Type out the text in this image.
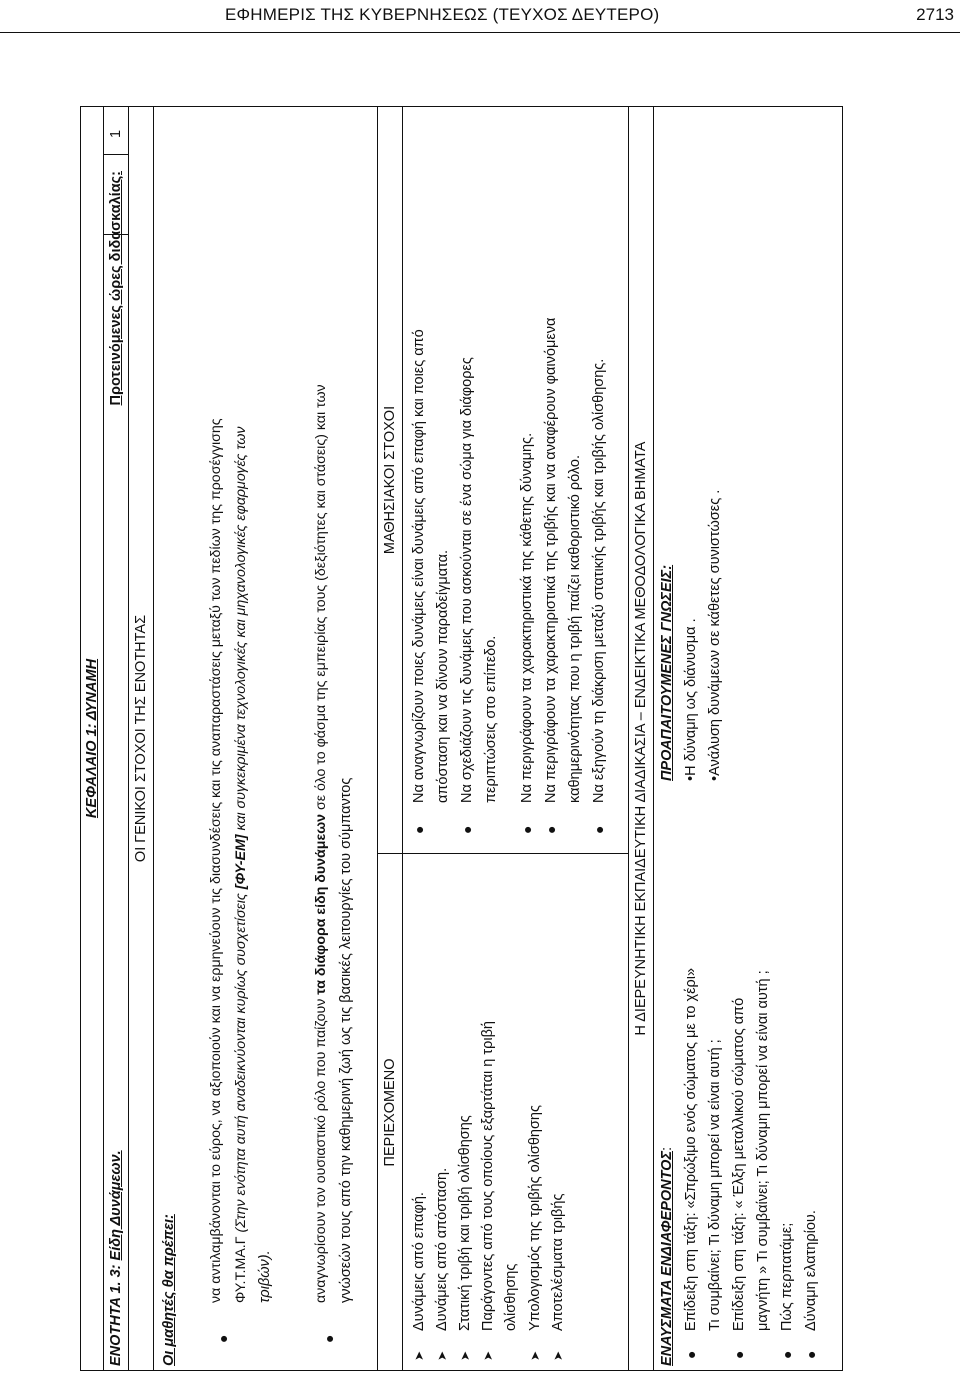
ΕΦΗΜΕΡΙΣ ΤΗΣ ΚΥΒΕΡΝΗΣΕΩΣ (ΤΕΥΧΟΣ ΔΕΥΤΕΡΟ)	2713
ΚΕΦΑΛΑΙΟ 1: ΔΥΝΑΜΗ
ΕΝΟΤΗΤΑ 1. 3: Είδη Δυνάμεων.
Προτεινόμενες ώρες διδασκαλίας:
1
ΟΙ ΓΕΝΙΚΟΙ ΣΤΟΧΟΙ ΤΗΣ ΕΝΟΤΗΤΑΣ
Οι μαθητές θα πρέπει:	●
να αντιλαμβάνονται το εύρος, να αξιοποιούν και να ερμηνεύουν τις διασυνδέσεις και τις αναπαραστάσεις μεταξύ των πεδίων της προσέγγισης ΦΥ.Τ.ΜΑ.Γ (Στην ενότητα αυτή αναδεικνύονται κυρίως συσχετίσεις [ΦΥ-ΕΜ] και συγκεκριμένα τεχνολογικές και μηχανολογικές εφαρμογές των
τριβών).
●
αναγνωρίσουν τον ουσιαστικό ρόλο που παίζουν τα διάφορα είδη δυνάμεων σε όλο το φάσμα της εμπειρίας τους (δεξιότητες και στάσεις) και των
γνώσεών τους από την καθημερινή ζωή ως τις βασικές λειτουργίες του σύμπαντος ΠΕΡΙΕΧΟΜΕΝΟ
ΜΑΘΗΣΙΑΚΟΙ ΣΤΟΧΟΙ
➤
Δυνάμεις από επαφή.
➤
Δυνάμεις από απόσταση.
➤
Στατική τριβή και τριβή ολίσθησης
➤
Παράγοντες από τους οποίους εξαρτάται η τριβή ολίσθησης
➤
Υπολογισμός της τριβής ολίσθησης
➤
Αποτελέσματα τριβής
●
Να αναγνωρίζουν ποιες δυνάμεις είναι δυνάμεις από επαφή και ποιες από απόσταση και να δίνουν παραδείγματα.
●
Να σχεδιάζουν τις δυνάμεις που ασκούνται σε ένα σώμα για διάφορες περιπτώσεις στο επίπεδο.
●
Να περιγράφουν τα χαρακτηριστικά της κάθετης δύναμης.
●
Να περιγράφουν τα χαρακτηριστικά της τριβής και να αναφέρουν φαινόμενα καθημερινότητας που η τριβή παίζει καθοριστικό ρόλο.
●
Να εξηγούν τη διάκριση μεταξύ στατικής τριβής και τριβής ολίσθησης. Η ΔΙΕΡΕΥΝΗΤΙΚΗ ΕΚΠΑΙΔΕΥΤΙΚΗ ΔΙΑΔΙΚΑΣΙΑ – ΕΝΔΕΙΚΤΙΚΑ ΜΕΘΟΔΟΛΟΓΙΚΑ ΒΗΜΑΤΑ
ΕΝΑΥΣΜΑΤΑ ΕΝΔΙΑΦΕΡΟΝΤΟΣ:
●
Επίδειξη στη τάξη: «Σπρώξιμο ενός σώματος με το χέρι» Τι συμβαίνει; Τι δύναμη μπορεί να είναι αυτή ;
●
Επίδειξη στη τάξη: « Έλξη μεταλλικού σώματος από μαγνήτη » Τι συμβαίνει; Τι δύναμη μπορεί να είναι αυτή ;
●
Πώς περπατάμε;
●
Δύναμη ελατηρίου.
ΠΡΟΑΠΑΙΤΟΥΜΕΝΕΣ ΓΝΩΣΕΙΣ: •Η δύναμη ως διάνυσμα . •Ανάλυση δυνάμεων σε κάθετες συνιστώσες .
